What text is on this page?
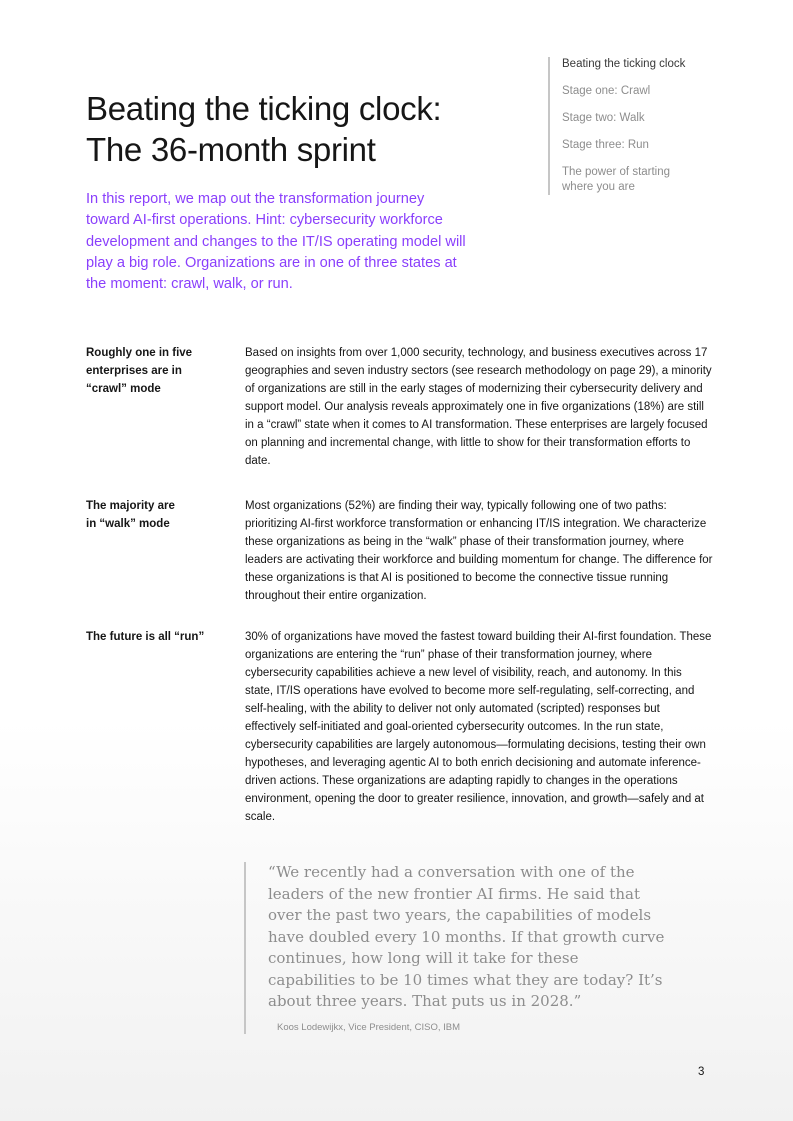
Beating the ticking clock
Stage one: Crawl
Stage two: Walk
Stage three: Run
The power of starting where you are
Beating the ticking clock:
The 36-month sprint

In this report, we map out the transformation journey toward AI-first operations. Hint: cybersecurity workforce development and changes to the IT/IS operating model will play a big role. Organizations are in one of three states at the moment: crawl, walk, or run.

Roughly one in five enterprises are in “crawl” mode

Based on insights from over 1,000 security, technology, and business executives across 17 geographies and seven industry sectors (see research methodology on page 29), a minority of organizations are still in the early stages of modernizing their cybersecurity delivery and support model. Our analysis reveals approximately one in five organizations (18%) are still in a “crawl” state when it comes to AI transformation. These enterprises are largely focused on planning and incremental change, with little to show for their transformation efforts to date.

The majority are in “walk” mode

Most organizations (52%) are finding their way, typically following one of two paths: prioritizing AI-first workforce transformation or enhancing IT/IS integration. We characterize these organizations as being in the “walk” phase of their transformation journey, where leaders are activating their workforce and building momentum for change. The difference for these organizations is that AI is positioned to become the connective tissue running throughout their entire organization.

The future is all “run”	30% of organizations have moved the fastest toward building their AI-first foundation. These organizations are entering the “run” phase of their transformation journey, where cybersecurity capabilities achieve a new level of visibility, reach, and autonomy. In this state, IT/IS operations have evolved to become more self-regulating, self-correcting, and self-healing, with the ability to deliver not only automated (scripted) responses but effectively self-initiated and goal-oriented cybersecurity outcomes. In the run state, cybersecurity capabilities are largely autonomous—formulating decisions, testing their own hypotheses, and leveraging agentic AI to both enrich decisioning and automate inference-driven actions. These organizations are adapting rapidly to changes in the operations environment, opening the door to greater resilience, innovation, and growth—safely and at scale.

“We recently had a conversation with one of the leaders of the new frontier AI firms. He said that over the past two years, the capabilities of models have doubled every 10 months. If that growth curve continues, how long will it take for these capabilities to be 10 times what they are today? It’s about three years. That puts us in 2028.”

Koos Lodewijkx, Vice President, CISO, IBM
3
